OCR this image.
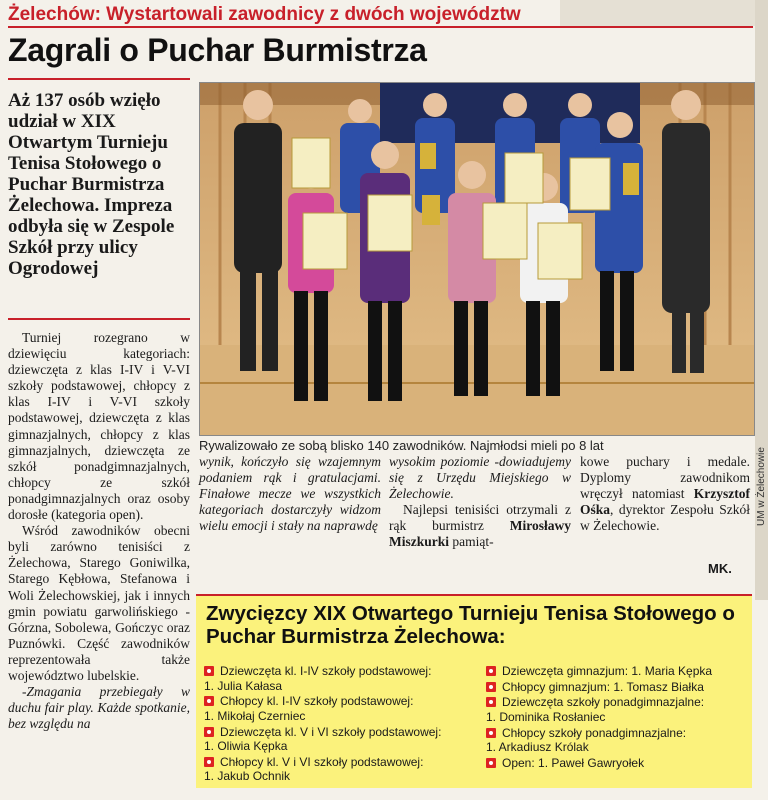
Żelechów: Wystartowali zawodnicy z dwóch województw
Zagrali o Puchar Burmistrza
Aż 137 osób wzięło udział w XIX Otwartym Turnieju Tenisa Stołowego o Puchar Burmistrza Żelechowa. Impreza odbyła się w Zespole Szkół przy ulicy Ogrodowej

Turniej rozegrano w dziewięciu kategoriach: dziewczęta z klas I-IV i V-VI szkoły podstawowej, chłopcy z klas I-IV i V-VI szkoły podstawowej, dziewczęta z klas gimnazjalnych, chłopcy z klas gimnazjalnych, dziewczęta ze szkół ponadgimnazjalnych, chłopcy ze szkół ponadgimnazjalnych oraz osoby dorosłe (kategoria open).

Wśród zawodników obecni byli zarówno tenisiści z Żelechowa, Starego Goniwilka, Starego Kębłowa, Stefanowa i Woli Żelechowskiej, jak i innych gmin powiatu garwolińskiego - Górzna, Sobolewa, Gończyc oraz Puznówki. Część zawodników reprezentowała także województwo lubelskie.

-Zmagania przebiegały w duchu fair play. Każde spotkanie, bez względu na

Rywalizowało ze sobą blisko 140 zawodników. Najmłodsi mieli po 8 lat
UM w Żelechowie
wynik, kończyło się wzajemnym podaniem rąk i gratulacjami. Finałowe mecze we wszystkich kategoriach dostarczyły widzom wielu emocji i stały na naprawdę

wysokim poziomie -dowiadujemy się z Urzędu Miejskiego w Żelechowie.

Najlepsi tenisiści otrzymali z rąk burmistrz Mirosławy Miszkurki pamiąt-

kowe puchary i medale. Dyplomy zawodnikom wręczył natomiast Krzysztof Ośka, dyrektor Zespołu Szkół w Żelechowie.

MK.
Zwycięzcy XIX Otwartego Turnieju Tenisa Stołowego o Puchar Burmistrza Żelechowa:
Dziewczęta kl. I-IV szkoły podstawowej:
1. Julia Kałasa
Chłopcy kl. I-IV szkoły podstawowej:
1. Mikołaj Czerniec
Dziewczęta kl. V i VI szkoły podstawowej:
1. Oliwia Kępka
Chłopcy kl. V i VI szkoły podstawowej:
1. Jakub Ochnik
Dziewczęta gimnazjum: 1. Maria Kępka
Chłopcy gimnazjum: 1. Tomasz Białka
Dziewczęta szkoły ponadgimnazjalne:
1. Dominika Rosłaniec
Chłopcy szkoły ponadgimnazjalne:
1. Arkadiusz Królak
Open: 1. Paweł Gawryołek
